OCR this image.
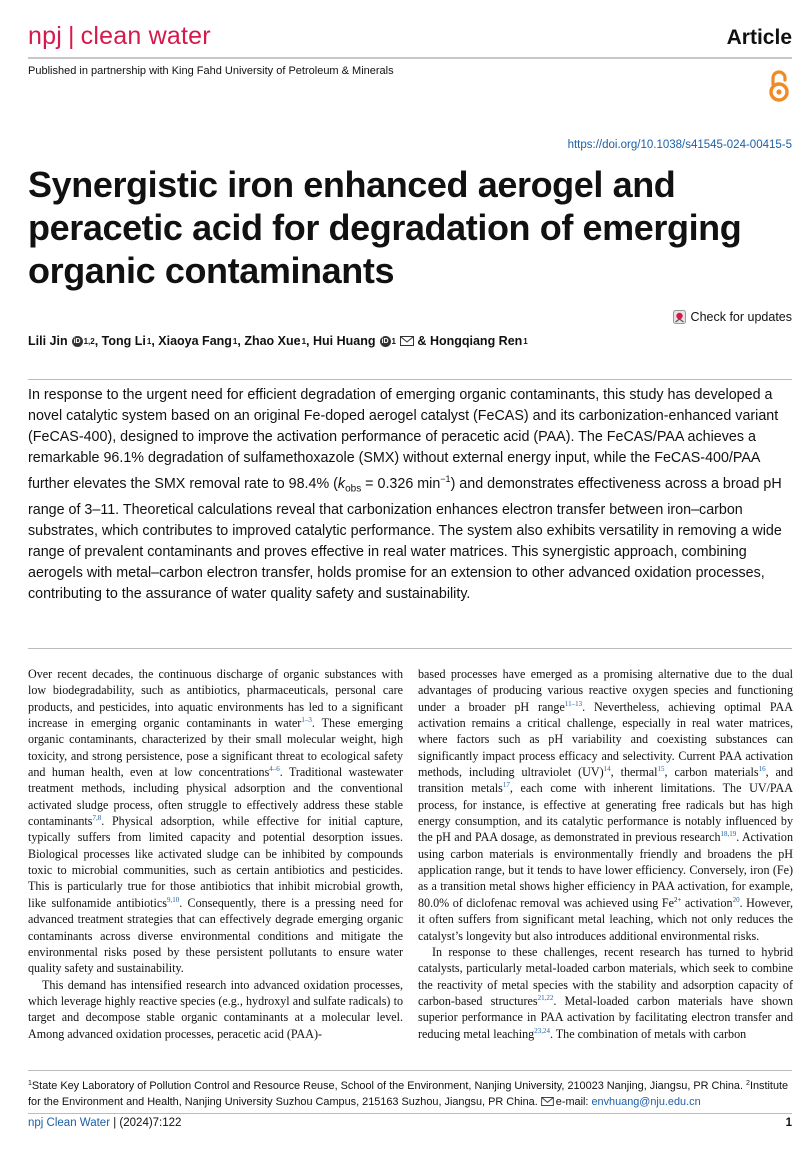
npj | clean water	Article
Published in partnership with King Fahd University of Petroleum & Minerals
https://doi.org/10.1038/s41545-024-00415-5
Synergistic iron enhanced aerogel and peracetic acid for degradation of emerging organic contaminants
Check for updates
Lili Jin iD 1,2 , Tong Li 1 , Xiaoya Fang 1 , Zhao Xue 1 , Hui Huang iD 1 & Hongqiang Ren 1

In response to the urgent need for efficient degradation of emerging organic contaminants, this study has developed a novel catalytic system based on an original Fe-doped aerogel catalyst (FeCAS) and its carbonization-enhanced variant (FeCAS-400), designed to improve the activation performance of peracetic acid (PAA). The FeCAS/PAA achieves a remarkable 96.1% degradation of sulfamethoxazole (SMX) without external energy input, while the FeCAS-400/PAA further elevates the SMX removal rate to 98.4% ($k_{obs} = 0.326$ $\min^{-1}$) and demonstrates effectiveness across a broad pH range of 3–11. Theoretical calculations reveal that carbonization enhances electron transfer between iron–carbon substrates, which contributes to improved catalytic performance. The system also exhibits versatility in removing a wide range of prevalent contaminants and proves effective in real water matrices. This synergistic approach, combining aerogels with metal–carbon electron transfer, holds promise for an extension to other advanced oxidation processes, contributing to the assurance of water quality safety and sustainability.

Over recent decades, the continuous discharge of organic substances with low biodegradability, such as antibiotics, pharmaceuticals, personal care products, and pesticides, into aquatic environments has led to a significant increase in emerging organic contaminants in water$^{1-3}$. These emerging organic contaminants, characterized by their small molecular weight, high toxicity, and strong persistence, pose a significant threat to ecological safety and human health, even at low concentrations$^{4-6}$. Traditional wastewater treatment methods, including physical adsorption and the conventional activated sludge process, often struggle to effectively address these stable contaminants$^{7,8}$. Physical adsorption, while effective for initial capture, typically suffers from limited capacity and potential desorption issues. Biological processes like activated sludge can be inhibited by compounds toxic to microbial communities, such as certain antibiotics and pesticides. This is particularly true for those antibiotics that inhibit microbial growth, like sulfonamide antibiotics$^{9,10}$. Consequently, there is a pressing need for advanced treatment strategies that can effectively degrade emerging organic contaminants across diverse environmental conditions and mitigate the environmental risks posed by these persistent pollutants to ensure water quality safety and sustainability.

This demand has intensified research into advanced oxidation processes, which leverage highly reactive species (e.g., hydroxyl and sulfate radicals) to target and decompose stable organic contaminants at a molecular level. Among advanced oxidation processes, peracetic acid (PAA)-

based processes have emerged as a promising alternative due to the dual advantages of producing various reactive oxygen species and functioning under a broader pH range$^{11-13}$. Nevertheless, achieving optimal PAA activation remains a critical challenge, especially in real water matrices, where factors such as pH variability and coexisting substances can significantly impact process efficacy and selectivity. Current PAA activation methods, including ultraviolet (UV)$^{14}$, thermal$^{15}$, carbon materials$^{16}$, and transition metals$^{17}$, each come with inherent limitations. The UV/PAA process, for instance, is effective at generating free radicals but has high energy consumption, and its catalytic performance is notably influenced by the pH and PAA dosage, as demonstrated in previous research$^{18,19}$. Activation using carbon materials is environmentally friendly and broadens the pH application range, but it tends to have lower efficiency. Conversely, iron (Fe) as a transition metal shows higher efficiency in PAA activation, for example, 80.0% of diclofenac removal was achieved using $Fe^{2+}$ activation$^{20}$. However, it often suffers from significant metal leaching, which not only reduces the catalyst’s longevity but also introduces additional environmental risks.

In response to these challenges, recent research has turned to hybrid catalysts, particularly metal-loaded carbon materials, which seek to combine the reactivity of metal species with the stability and adsorption capacity of carbon-based structures$^{21,22}$. Metal-loaded carbon materials have shown superior performance in PAA activation by facilitating electron transfer and reducing metal leaching$^{23,24}$. The combination of metals with carbon

$^1$State Key Laboratory of Pollution Control and Resource Reuse, School of the Environment, Nanjing University, 210023 Nanjing, Jiangsu, PR China. $^2$Institute for the Environment and Health, Nanjing University Suzhou Campus, 215163 Suzhou, Jiangsu, PR China. e-mail: envhuang@nju.edu.cn

npj Clean Water | (2024)7:122	1
